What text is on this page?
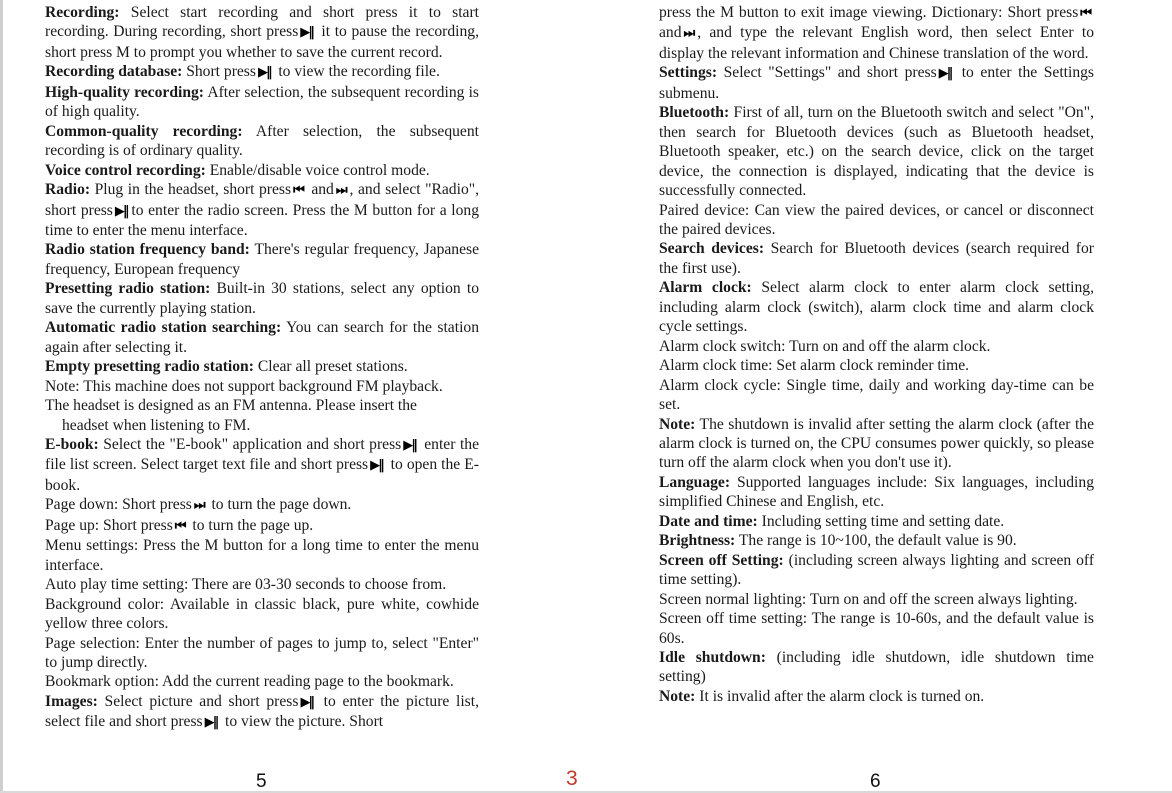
Recording: Select start recording and short press it to start recording. During recording, short press ▶‖ it to pause the recording, short press M to prompt you whether to save the current record.

Recording database: Short press ▶‖ to view the recording file.

High-quality recording: After selection, the subsequent recording is of high quality.

Common-quality recording: After selection, the subsequent recording is of ordinary quality.

Voice control recording: Enable/disable voice control mode.

Radio: Plug in the headset, short press ⏮ and ⏭ , and select "Radio", short press ▶‖ to enter the radio screen. Press the M button for a long time to enter the menu interface.

Radio station frequency band: There's regular frequency, Japanese frequency, European frequency

Presetting radio station: Built-in 30 stations, select any option to save the currently playing station.

Automatic radio station searching: You can search for the station again after selecting it.

Empty presetting radio station: Clear all preset stations.

Note: This machine does not support background FM playback.

The headset is designed as an FM antenna. Please insert the

headset when listening to FM.

E-book: Select the "E-book" application and short press ▶‖ enter the file list screen. Select target text file and short press ▶‖ to open the E-book.

Page down: Short press ⏭ to turn the page down.

Page up: Short press ⏮ to turn the page up.

Menu settings: Press the M button for a long time to enter the menu interface.

Auto play time setting: There are 03-30 seconds to choose from.

Background color: Available in classic black, pure white, cowhide yellow three colors.

Page selection: Enter the number of pages to jump to, select "Enter" to jump directly.

Bookmark option: Add the current reading page to the bookmark.

Images: Select picture and short press ▶‖ to enter the picture list, select file and short press ▶‖ to view the picture. Short

press the M button to exit image viewing. Dictionary: Short press ⏮and ⏭ , and type the relevant English word, then select Enter to display the relevant information and Chinese translation of the word.

Settings: Select "Settings" and short press ▶‖ to enter the Settings submenu.

Bluetooth: First of all, turn on the Bluetooth switch and select "On", then search for Bluetooth devices (such as Bluetooth headset, Bluetooth speaker, etc.) on the search device, click on the target device, the connection is displayed, indicating that the device is successfully connected.

Paired device: Can view the paired devices, or cancel or disconnect the paired devices.

Search devices: Search for Bluetooth devices (search required for the first use).

Alarm clock: Select alarm clock to enter alarm clock setting, including alarm clock (switch), alarm clock time and alarm clock cycle settings.

Alarm clock switch: Turn on and off the alarm clock.

Alarm clock time: Set alarm clock reminder time.

Alarm clock cycle: Single time, daily and working day-time can be set.

Note: The shutdown is invalid after setting the alarm clock (after the alarm clock is turned on, the CPU consumes power quickly, so please turn off the alarm clock when you don't use it).

Language: Supported languages include: Six languages, including simplified Chinese and English, etc.

Date and time: Including setting time and setting date.

Brightness: The range is 10~100, the default value is 90.

Screen off Setting: (including screen always lighting and screen off time setting).

Screen normal lighting: Turn on and off the screen always lighting.

Screen off time setting: The range is 10-60s, and the default value is 60s.

Idle shutdown: (including idle shutdown, idle shutdown time setting)

Note: It is invalid after the alarm clock is turned on.

5	3	6
